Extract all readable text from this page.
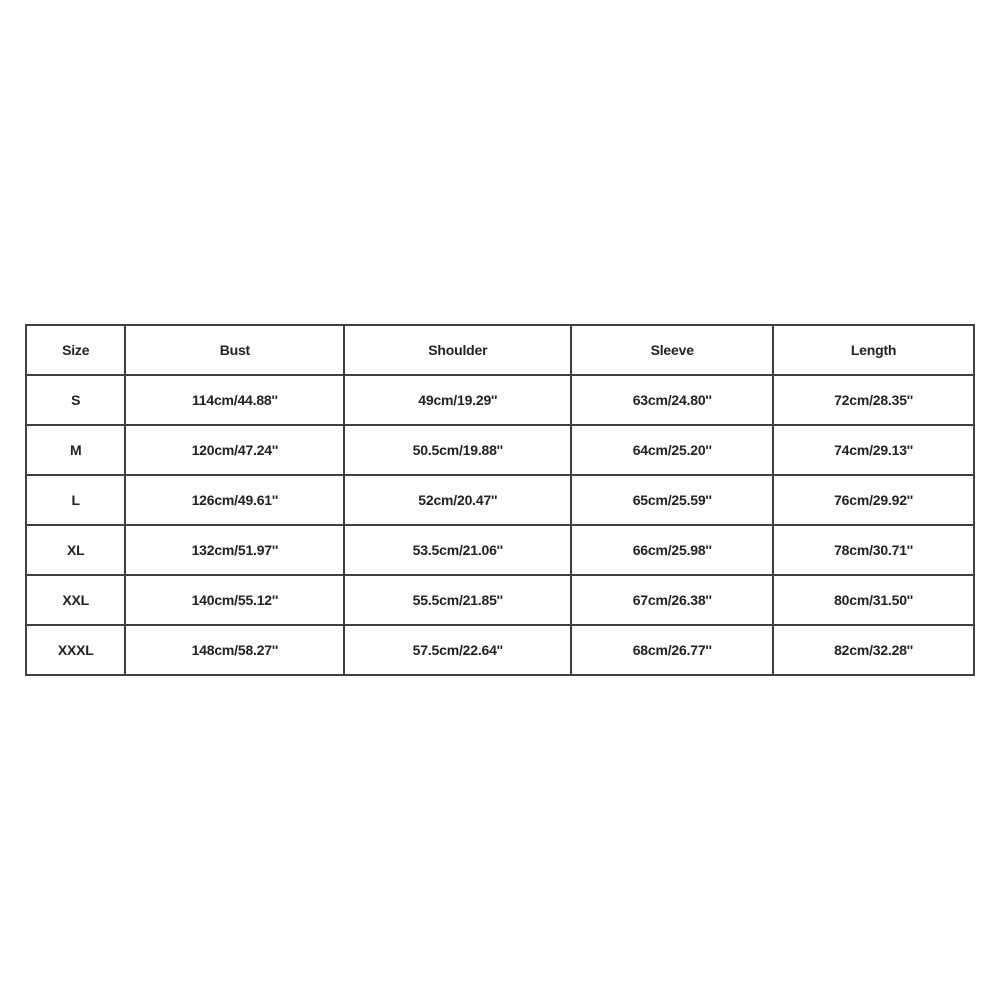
Size	Bust	Shoulder	Sleeve	Length
S	114cm/44.88''	49cm/19.29''	63cm/24.80''	72cm/28.35''
M	120cm/47.24''	50.5cm/19.88''	64cm/25.20''	74cm/29.13''
L	126cm/49.61''	52cm/20.47''	65cm/25.59''	76cm/29.92''
XL	132cm/51.97''	53.5cm/21.06''	66cm/25.98''	78cm/30.71''
XXL	140cm/55.12''	55.5cm/21.85''	67cm/26.38''	80cm/31.50''
XXXL	148cm/58.27''	57.5cm/22.64''	68cm/26.77''	82cm/32.28''
